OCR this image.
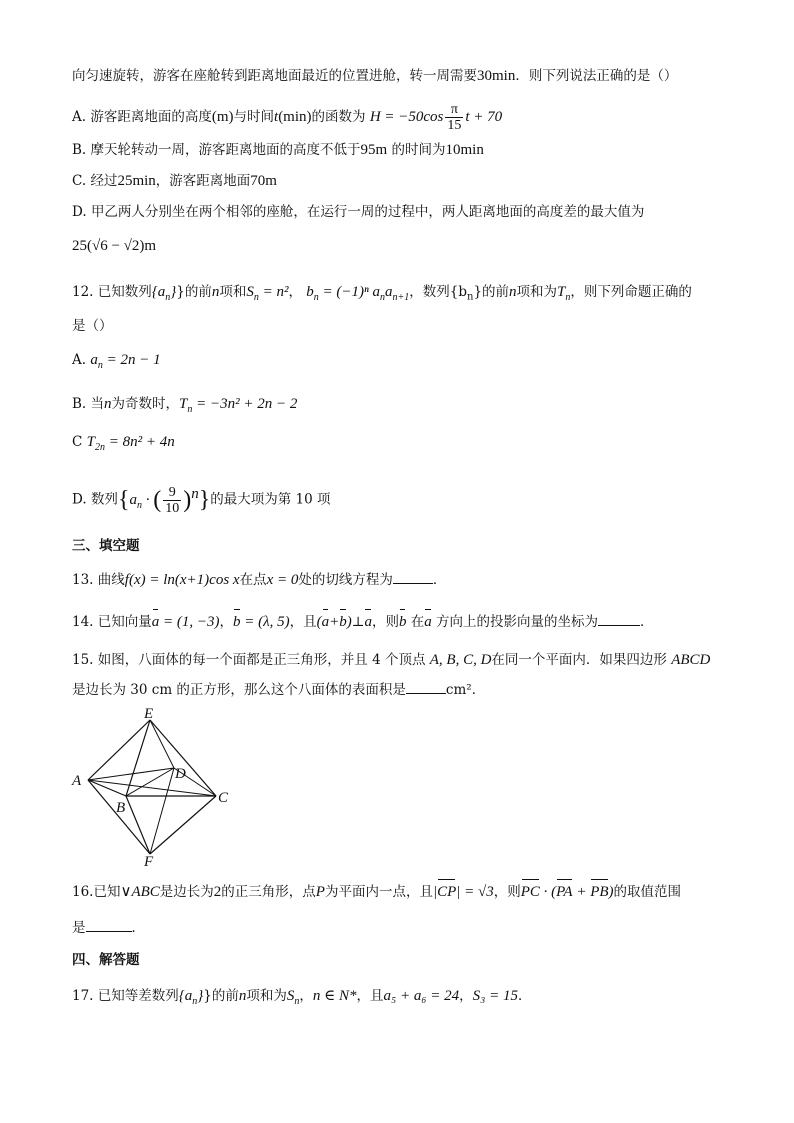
向匀速旋转，游客在座舱转到距离地面最近的位置进舱，转一周需要30min．则下列说法正确的是（）
A. 游客距离地面的高度(m)与时间t(min)的函数为 $H = -50\cos \frac{\pi}{15}$ t + 70
B. 摩天轮转动一周，游客距离地面的高度不低于95m 的时间为10min
C. 经过25min，游客距离地面70m
D. 甲乙两人分别坐在两个相邻的座舱，在运行一周的过程中，两人距离地面的高度差的最大值为
25(√6 − √2)m
12. 已知数列$\{a_n\}$}的前n项和$S_n = n^2$， $b_n = (-1)^n$ $a_na_{n+1}$，数列$\{b_n\}$的前n项和为$T_n$，则下列命题正确的
是（）
A. $a_n = 2n - 1$
B. 当n为奇数时，$T_n = -3n^2 + 2n - 2$
C $T_{2n} = 8n^2 + 4n$
D. 数列{$a_n$ · ( $\frac{9}{10} )^n$}的最大项为第 10 项
三、填空题
13. 曲线f(x) = ln(x+1)cos x在点x = 0处的切线方程为	．
14. 已知向量a = (1, −3)，b = (λ, 5)，且(a+b)⊥a，则b 在a 方向上的投影向量的坐标为	．
15. 如图，八面体的每一个面都是正三角形，并且 4 个顶点 A, B, C, D在同一个平面内．如果四边形 ABCD
是边长为 30 cm 的正方形，那么这个八面体的表面积是	cm²．
E
A	D
B
C
F
16.已知∨ABC是边长为2的正三角形，点P为平面内一点，且|CP| = √3，则PC · (PA + PB)的取值范围
是	．
四、解答题
17. 已知等差数列$\{a_n\}$}的前n项和为$S_n$，n ∈ N*，且a₅ + a₆ = 24，S₃ = 15．
